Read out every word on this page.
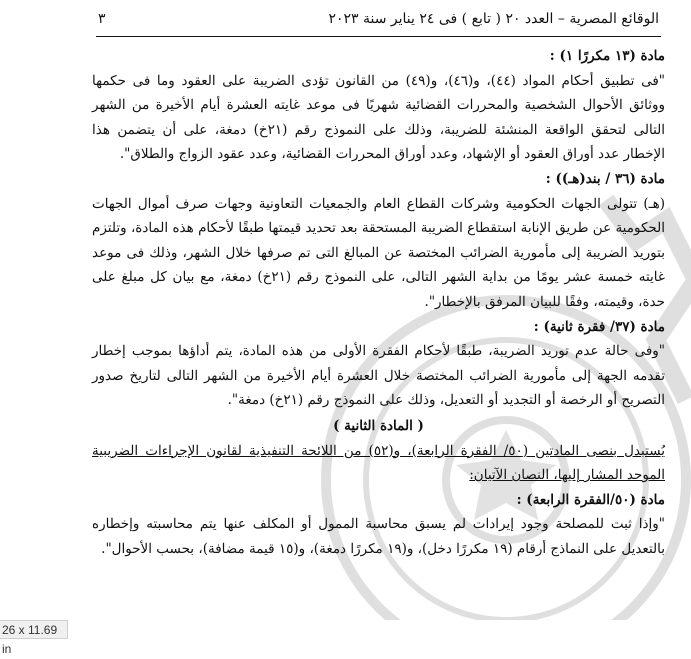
الوقائع المصرية – العدد ٢٠ ( تابع ) فى ٢٤ يناير سنة ٢٠٢٣
٣

مادة (١٣ مكررًا ١) :

"فى تطبيق أحكام المواد (٤٤)، و(٤٦)، و(٤٩) من القانون تؤدى الضريبة على العقود وما فى حكمها ووثائق الأحوال الشخصية والمحررات القضائية شهريًا فى موعد غايته العشرة أيام الأخيرة من الشهر التالى لتحقق الواقعة المنشئة للضريبة، وذلك على النموذج رقم (٢١خ) دمغة، على أن يتضمن هذا الإخطار عدد أوراق العقود أو الإشهاد، وعدد أوراق المحررات القضائية، وعدد عقود الزواج والطلاق".

مادة (٣٦ / بند(هـ)) :

(هـ) تتولى الجهات الحكومية وشركات القطاع العام والجمعيات التعاونية وجهات صرف أموال الجهات الحكومية عن طريق الإنابة استقطاع الضريبة المستحقة بعد تحديد قيمتها طبقًا لأحكام هذه المادة، وتلتزم بتوريد الضريبة إلى مأمورية الضرائب المختصة عن المبالغ التى تم صرفها خلال الشهر، وذلك فى موعد غايته خمسة عشر يومًا من بداية الشهر التالى، على النموذج رقم (٢١خ) دمغة، مع بيان كل مبلغ على حدة، وقيمته، وفقًا للبيان المرفق بالإخطار".

مادة (٣٧/ فقرة ثانية) :

"وفى حالة عدم توريد الضريبة، طبقًا لأحكام الفقرة الأولى من هذه المادة، يتم أداؤها بموجب إخطار تقدمه الجهة إلى مأمورية الضرائب المختصة خلال العشرة أيام الأخيرة من الشهر التالى لتاريخ صدور التصريح أو الرخصة أو التجديد أو التعديل، وذلك على النموذج رقم (٢١خ) دمغة".

( المادة الثانية )

يُستبدل بنصى المادتين (٥٠/ الفقرة الرابعة)، و(٥٢) من اللائحة التنفيذية لقانون الإجراءات الضريبية الموحد المشار إليها، النصان الآتيان:

مادة (٥٠/الفقرة الرابعة) :

"وإذا ثبت للمصلحة وجود إيرادات لم يسبق محاسبة الممول أو المكلف عنها يتم محاسبته وإخطاره بالتعديل على النماذج أرقام (١٩ مكررًا دخل)، و(١٩ مكررًا دمغة)، و(١٥ قيمة مضافة)، بحسب الأحوال".

26 x 11.69 in
